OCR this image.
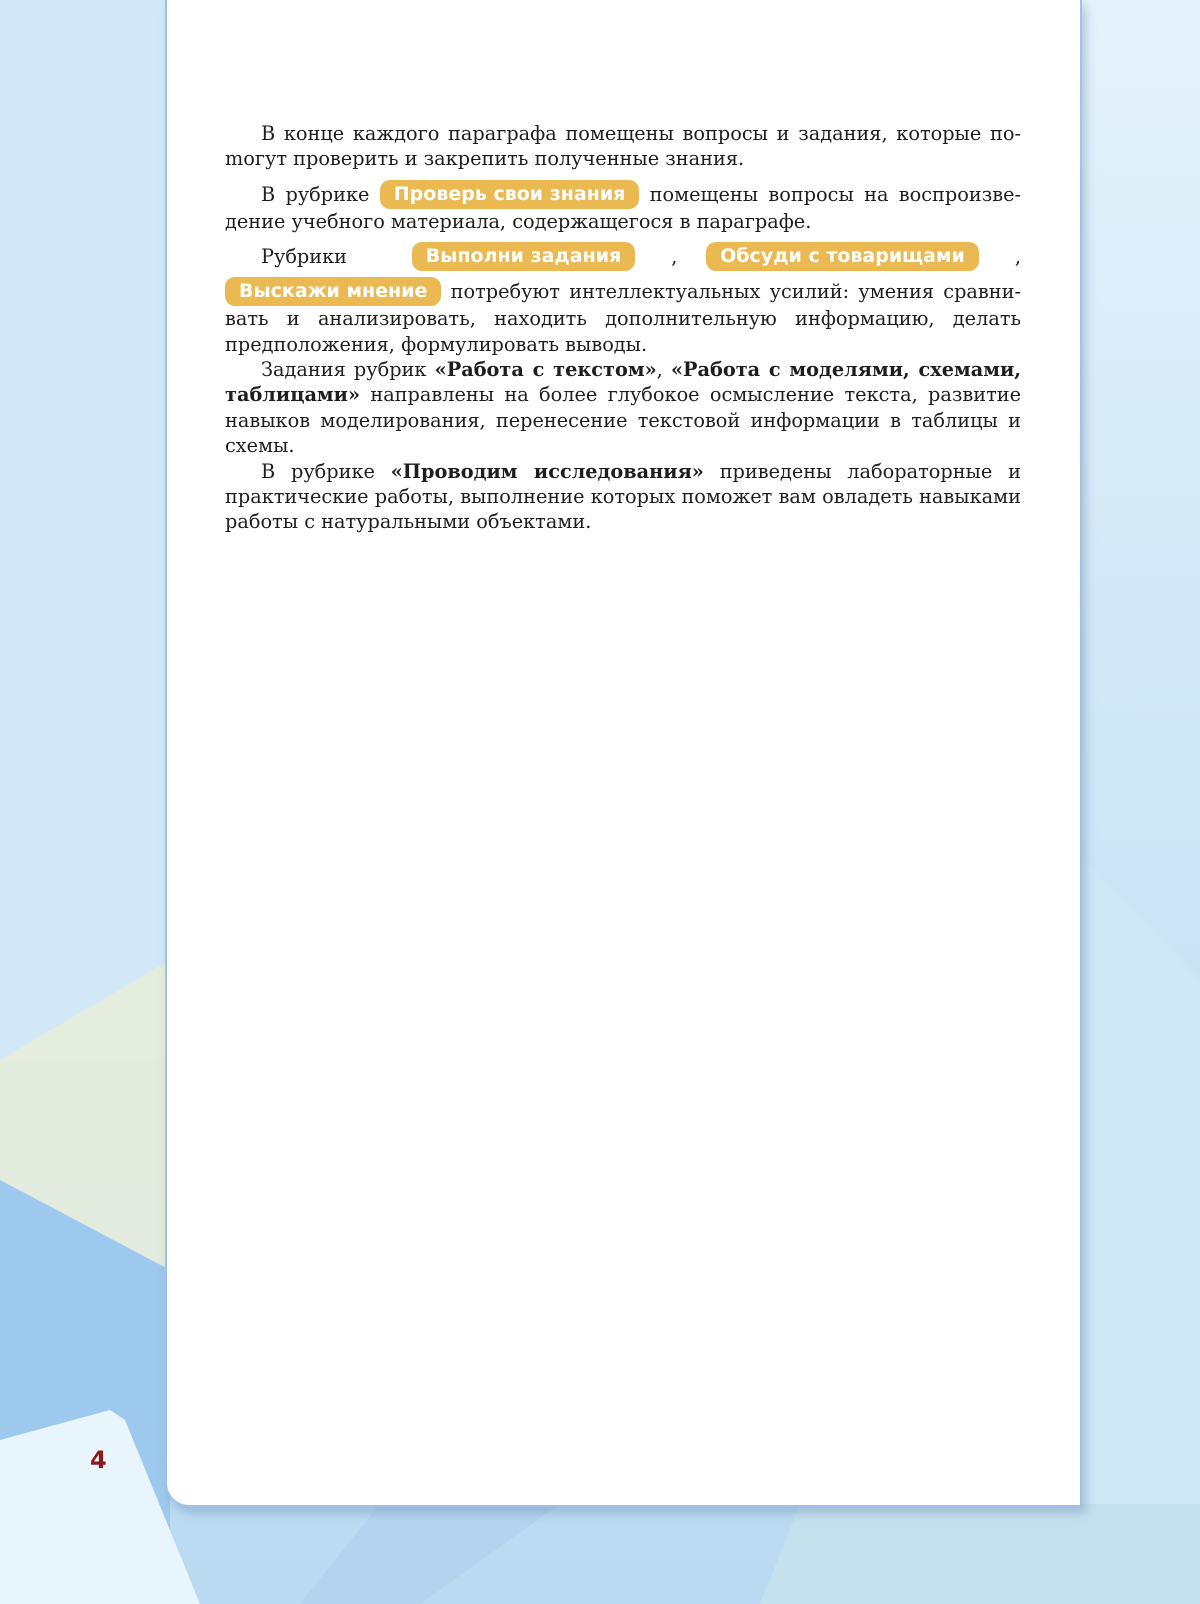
В конце каждого параграфа помещены вопросы и задания, которые поmогут проверить и закрепить полученные знания.

В рубрике Проверь свои знания помещены вопросы на воспроизведение учебного материала, содержащегося в параграфе.

Рубрики	Выполни задания	,	Обсуди с товарищами	,
Выскажи мнение потребуют интеллектуальных усилий: умения сравнивать и анализировать, находить дополнительную информацию, делать предположения, формулировать выводы.

Задания рубрик «Работа с текстом», «Работа с моделями, схемами, таблицами» направлены на более глубокое осмысление текста, развитие навыков моделирования, перенесение текстовой информации в таблицы и схемы.

В рубрике «Проводим исследования» приведены лабораторные и практические работы, выполнение которых поможет вам овладеть навыками работы с натуральными объектами.

4
